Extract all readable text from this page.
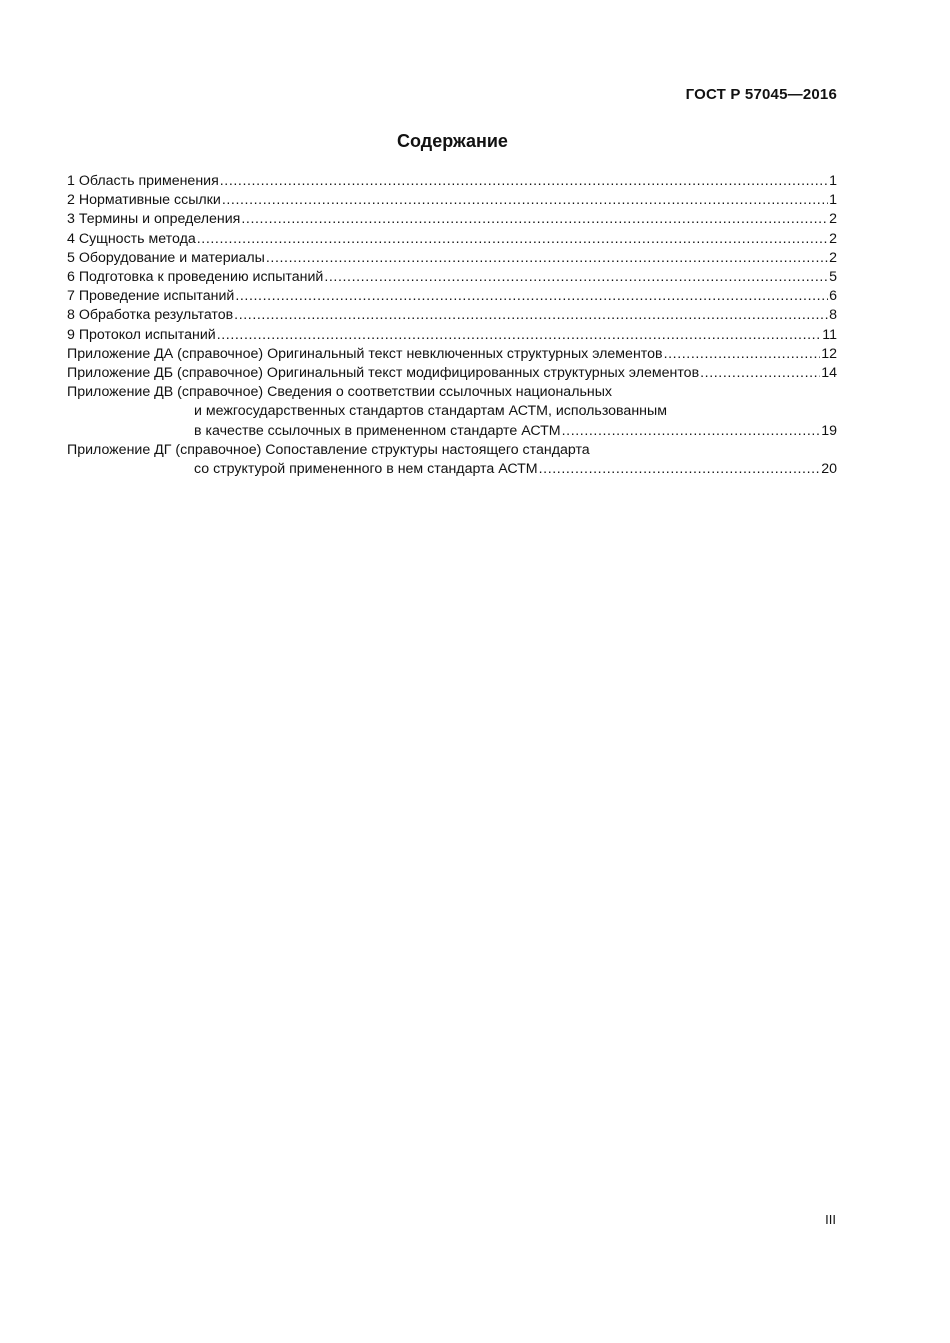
ГОСТ Р 57045—2016
Содержание
1 Область применения .....	1
2 Нормативные ссылки .....	1
3 Термины и определения .....	2
4 Сущность метода .....	2
5 Оборудование и материалы .....	2
6 Подготовка к проведению испытаний .....	5
7 Проведение испытаний .....	6
8 Обработка результатов .....	8
9 Протокол испытаний .....	11
Приложение ДА (справочное) Оригинальный текст невключенных структурных элементов .....	12
Приложение ДБ (справочное) Оригинальный текст модифицированных структурных элементов .....	14
Приложение ДВ (справочное) Сведения о соответствии ссылочных национальных
и межгосударственных стандартов стандартам АСТМ, использованным
в качестве ссылочных в примененном стандарте АСТМ .....	19
Приложение ДГ (справочное) Сопоставление структуры настоящего стандарта
со структурой примененного в нем стандарта АСТМ .....	20
III
